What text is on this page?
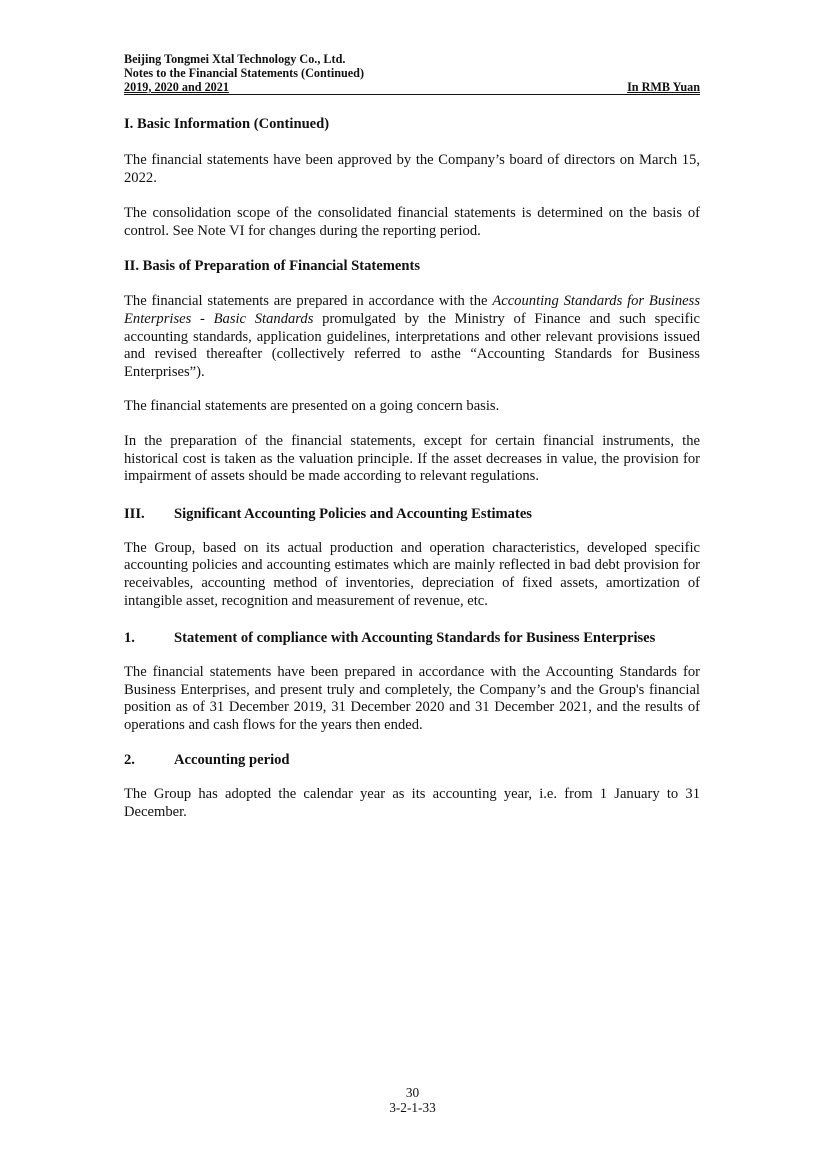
Beijing Tongmei Xtal Technology Co., Ltd.
Notes to the Financial Statements (Continued)
2019, 2020 and 2021	In RMB Yuan

I. Basic Information (Continued)

The financial statements have been approved by the Company’s board of directors on March 15, 2022.

The consolidation scope of the consolidated financial statements is determined on the basis of control. See Note VI for changes during the reporting period.

II. Basis of Preparation of Financial Statements

The financial statements are prepared in accordance with the Accounting Standards for Business Enterprises - Basic Standards promulgated by the Ministry of Finance and such specific accounting standards, application guidelines, interpretations and other relevant provisions issued and revised thereafter (collectively referred to asthe “Accounting Standards for Business Enterprises”).

The financial statements are presented on a going concern basis.

In the preparation of the financial statements, except for certain financial instruments, the historical cost is taken as the valuation principle. If the asset decreases in value, the provision for impairment of assets should be made according to relevant regulations.

III.	Significant Accounting Policies and Accounting Estimates

The Group, based on its actual production and operation characteristics, developed specific accounting policies and accounting estimates which are mainly reflected in bad debt provision for receivables, accounting method of inventories, depreciation of fixed assets, amortization of intangible asset, recognition and measurement of revenue, etc.

1.	Statement of compliance with Accounting Standards for Business Enterprises

The financial statements have been prepared in accordance with the Accounting Standards for Business Enterprises, and present truly and completely, the Company’s and the Group's financial position as of 31 December 2019, 31 December 2020 and 31 December 2021, and the results of operations and cash flows for the years then ended.

2.	Accounting period

The Group has adopted the calendar year as its accounting year, i.e. from 1 January to 31 December.

30
3-2-1-33
